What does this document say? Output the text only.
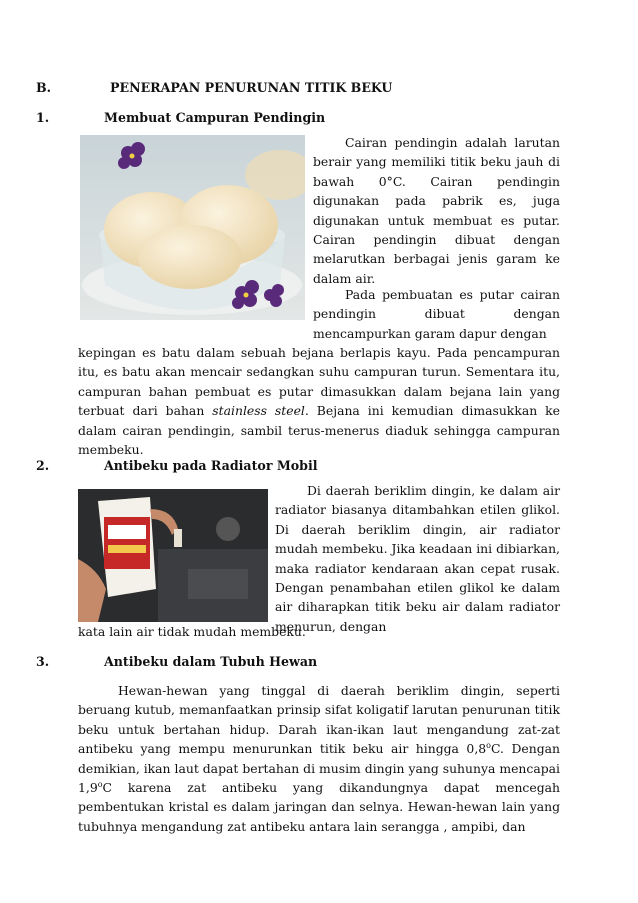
B.	PENERAPAN PENURUNAN TITIK BEKU
1.	Membuat Campuran Pendingin
Cairan pendingin adalah larutan berair yang memiliki titik beku jauh di bawah 0°C. Cairan pendingin digunakan pada pabrik es, juga digunakan untuk membuat es putar. Cairan pendingin dibuat dengan melarutkan berbagai jenis garam ke dalam air.
Pada pembuatan es putar cairan pendingin dibuat dengan mencampurkan garam dapur dengan
kepingan es batu dalam sebuah bejana berlapis kayu. Pada pencampuran itu, es batu akan mencair sedangkan suhu campuran turun. Sementara itu, campuran bahan pembuat es putar dimasukkan dalam bejana lain yang terbuat dari bahan stainless steel. Bejana ini kemudian dimasukkan ke dalam cairan pendingin, sambil terus-menerus diaduk sehingga campuran membeku.
2.	Antibeku pada Radiator Mobil
Di daerah beriklim dingin, ke dalam air radiator biasanya ditambahkan etilen glikol. Di daerah beriklim dingin, air radiator mudah membeku. Jika keadaan ini dibiarkan, maka radiator kendaraan akan cepat rusak. Dengan penambahan etilen glikol ke dalam air diharapkan titik beku air dalam radiator menurun, dengan
kata lain air tidak mudah membeku.
3.	Antibeku dalam Tubuh Hewan
Hewan-hewan yang tinggal di daerah beriklim dingin, seperti beruang kutub, memanfaatkan prinsip sifat koligatif larutan penurunan titik beku untuk bertahan hidup. Darah ikan-ikan laut mengandung zat-zat antibeku yang mempu menurunkan titik beku air hingga 0,8$^o$C. Dengan demikian, ikan laut dapat bertahan di musim dingin yang suhunya mencapai 1,9$^o$C karena zat antibeku yang dikandungnya dapat mencegah pembentukan kristal es dalam jaringan dan selnya. Hewan-hewan lain yang tubuhnya mengandung zat antibeku antara lain serangga , ampibi, dan
